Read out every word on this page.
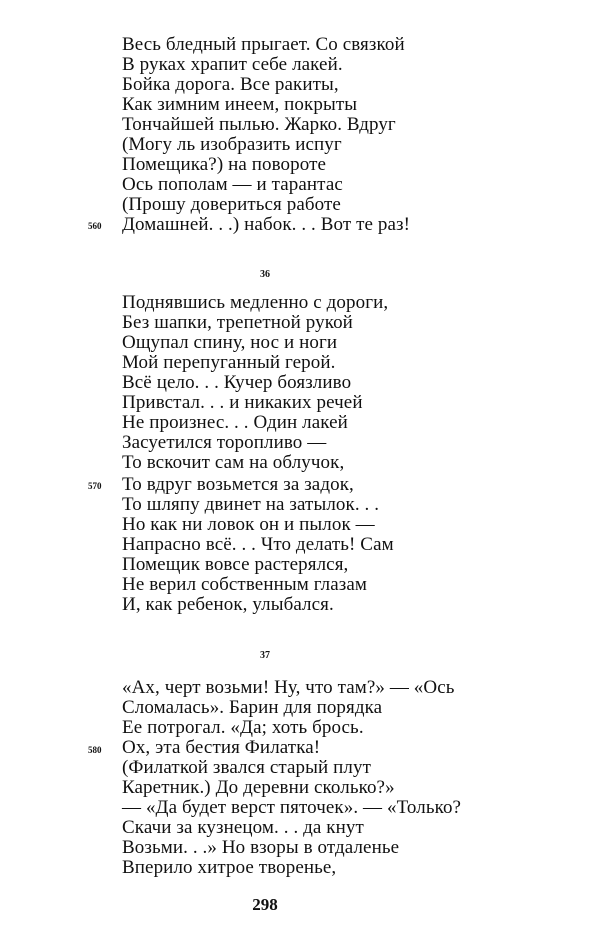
Весь бледный прыгает. Со связкой
В руках храпит себе лакей.
Бойка дорога. Все ракиты,
Как зимним инеем, покрыты
Тончайшей пылью. Жарко. Вдруг
(Могу ль изобразить испуг
Помещика?) на повороте
Ось пополам — и тарантас
(Прошу довериться работе
560 Домашней. . .) набок. . . Вот те раз!
36
Поднявшись медленно с дороги,
Без шапки, трепетной рукой
Ощупал спину, нос и ноги
Мой перепуганный герой.
Всё цело. . . Кучер боязливо
Привстал. . . и никаких речей
Не произнес. . . Один лакей
Засуетился торопливо —
То вскочит сам на облучок,
570 То вдруг возьмется за задок,
То шляпу двинет на затылок. . .
Но как ни ловок он и пылок —
Напрасно всё. . . Что делать! Сам
Помещик вовсе растерялся,
Не верил собственным глазам
И, как ребенок, улыбался.
37
«Ах, черт возьми! Ну, что там?» — «Ось
Сломалась». Барин для порядка
Ее потрогал. «Да; хоть брось.
580 Ох, эта бестия Филатка!
(Филаткой звался старый плут
Каретник.) До деревни сколько?»
— «Да будет верст пяточек». — «Только?
Скачи за кузнецом. . . да кнут
Возьми. . .» Но взоры в отдаленье
Вперило хитрое творенье,
298
